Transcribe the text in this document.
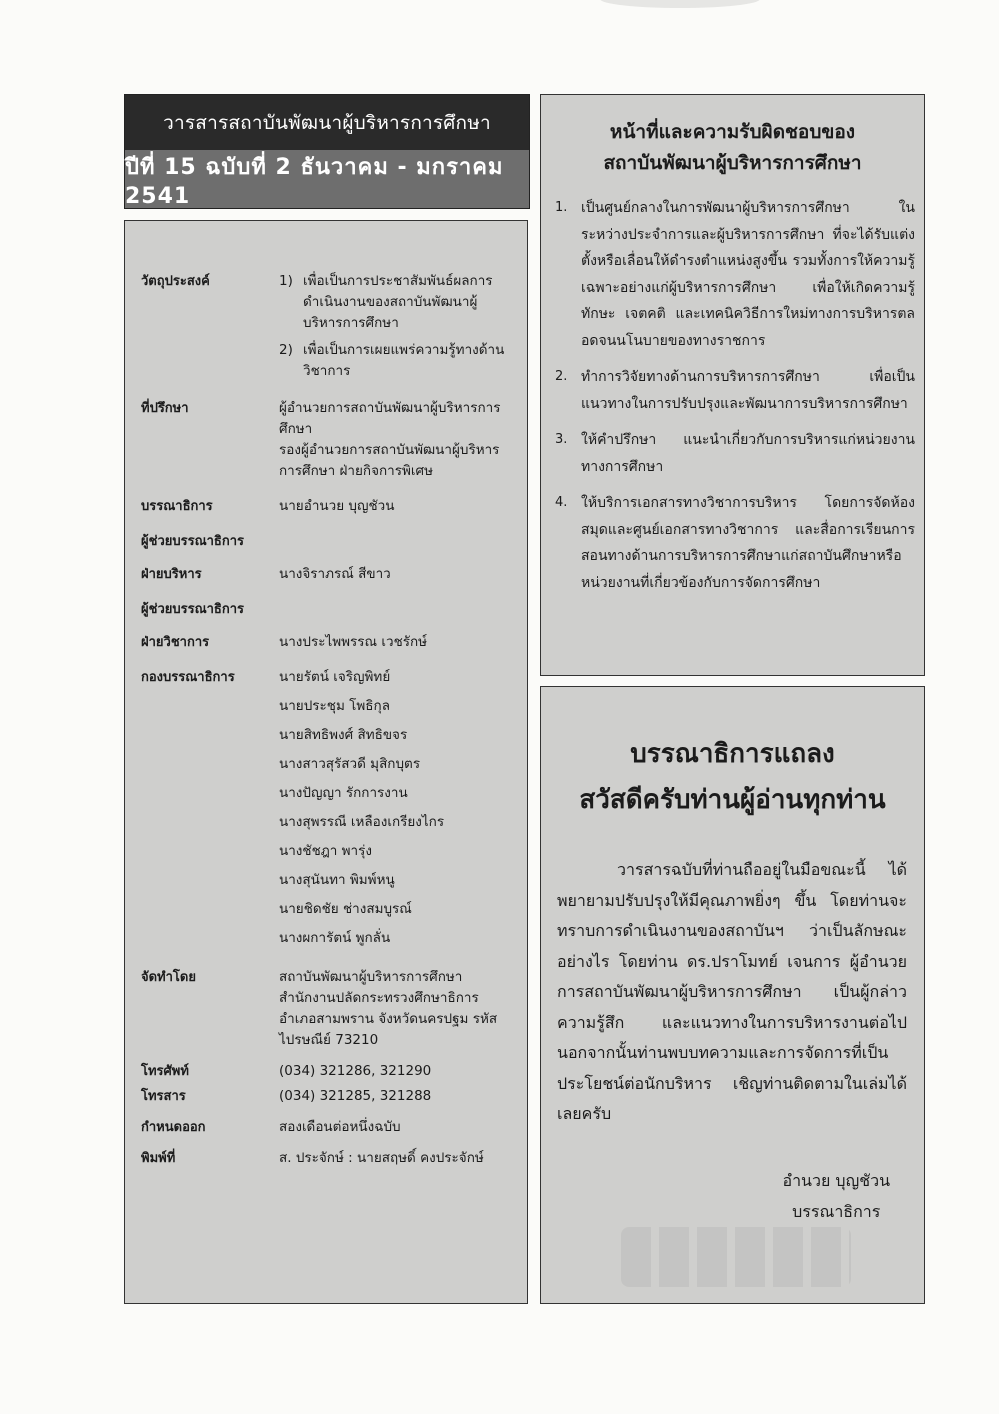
วารสารสถาบันพัฒนาผู้บริหารการศึกษา
ปีที่ 15 ฉบับที่ 2 ธันวาคม - มกราคม 2541
วัตถุประสงค์	1) เพื่อเป็นการประชาสัมพันธ์ผลการดำเนินงานของสถาบันพัฒนาผู้บริหารการศึกษา
2) เพื่อเป็นการเผยแพร่ความรู้ทางด้านวิชาการ
ที่ปรึกษา	ผู้อำนวยการสถาบันพัฒนาผู้บริหารการศึกษา
รองผู้อำนวยการสถาบันพัฒนาผู้บริหารการศึกษา ฝ่ายกิจการพิเศษ
บรรณาธิการ	นายอำนวย บุญชัวน
ผู้ช่วยบรรณาธิการ
ฝ่ายบริหาร	นางจิราภรณ์ สีขาว
ผู้ช่วยบรรณาธิการ
ฝ่ายวิชาการ	นางประไพพรรณ เวชรักษ์
กองบรรณาธิการ	นายรัตน์ เจริญพิทย์
นายประชุม โพธิกุล
นายสิทธิพงศ์ สิทธิขจร
นางสาวสุรัสวดี มุสิกบุตร
นางปัญญา รักการงาน
นางสุพรรณี เหลืองเกรียงไกร
นางชัชฎา พารุ่ง
นางสุนันทา พิมพ์หนู
นายชิดชัย ช่างสมบูรณ์
นางผการัตน์ พูกลั่น
จัดทำโดย	สถาบันพัฒนาผู้บริหารการศึกษา สำนักงานปลัดกระทรวงศึกษาธิการ อำเภอสามพราน จังหวัดนครปฐม รหัสไปรษณีย์ 73210
โทรศัพท์	(034) 321286, 321290
โทรสาร	(034) 321285, 321288
กำหนดออก	สองเดือนต่อหนึ่งฉบับ
พิมพ์ที่	ส. ประจักษ์ : นายสฤษดิ์ คงประจักษ์
หน้าที่และความรับผิดชอบของ
สถาบันพัฒนาผู้บริหารการศึกษา
1. เป็นศูนย์กลางในการพัฒนาผู้บริหารการศึกษา ในระหว่างประจำการและผู้บริหารการศึกษา ที่จะได้รับแต่งตั้งหรือเลื่อนให้ดำรงตำแหน่งสูงขึ้น รวมทั้งการให้ความรู้เฉพาะอย่างแก่ผู้บริหารการศึกษา เพื่อให้เกิดความรู้ ทักษะ เจตคติ และเทคนิควิธีการใหม่ทางการบริหารตลอดจนนโนบายของทางราชการ
2. ทำการวิจัยทางด้านการบริหารการศึกษา เพื่อเป็นแนวทางในการปรับปรุงและพัฒนาการบริหารการศึกษา
3. ให้คำปรึกษา แนะนำเกี่ยวกับการบริหารแก่หน่วยงานทางการศึกษา
4. ให้บริการเอกสารทางวิชาการบริหาร โดยการจัดห้องสมุดและศูนย์เอกสารทางวิชาการ และสื่อการเรียนการสอนทางด้านการบริหารการศึกษาแก่สถาบันศึกษาหรือหน่วยงานที่เกี่ยวข้องกับการจัดการศึกษา
บรรณาธิการแถลง
สวัสดีครับท่านผู้อ่านทุกท่าน

วารสารฉบับที่ท่านถืออยู่ในมือขณะนี้ ได้พยายามปรับปรุงให้มีคุณภาพยิ่งๆ ขึ้น โดยท่านจะทราบการดำเนินงานของสถาบันฯ ว่าเป็นลักษณะอย่างไร โดยท่าน ดร.ปราโมทย์ เจนการ ผู้อำนวยการสถาบันพัฒนาผู้บริหารการศึกษา เป็นผู้กล่าวความรู้สึก และแนวทางในการบริหารงานต่อไป นอกจากนั้นท่านพบบทความและการจัดการที่เป็นประโยชน์ต่อนักบริหาร เชิญท่านติดตามในเล่มได้เลยครับ

อำนวย บุญชัวน
บรรณาธิการ
